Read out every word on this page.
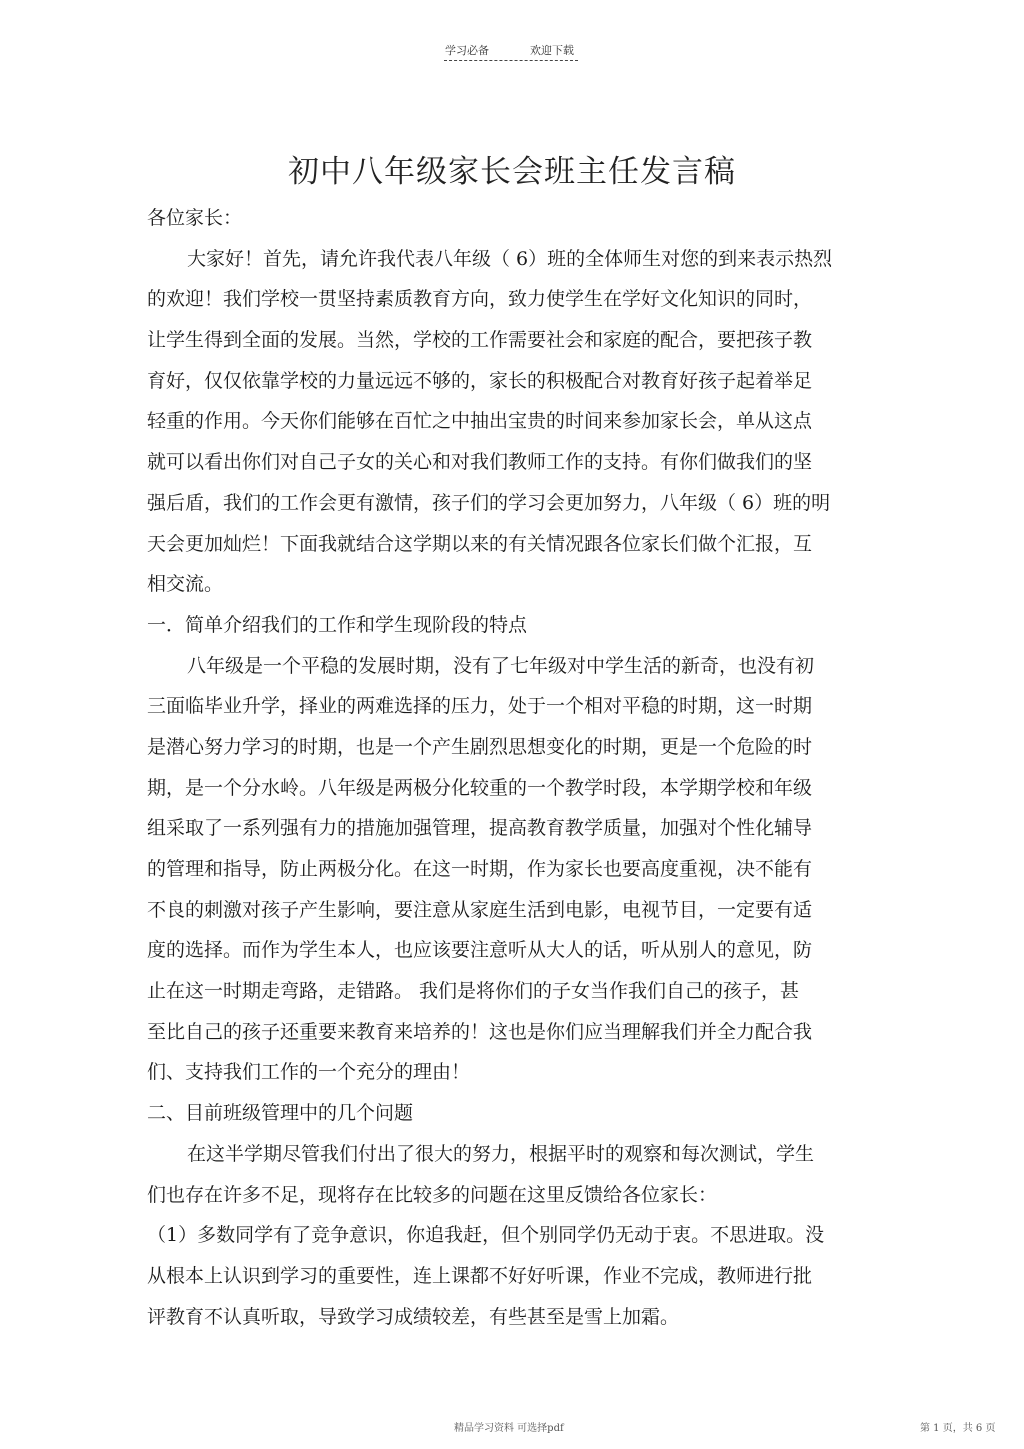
学习必备	欢迎下载
初中八年级家长会班主任发言稿
各位家长：
大家好！首先，请允许我代表八年级（ 6）班的全体师生对您的到来表示热烈
的欢迎！我们学校一贯坚持素质教育方向，致力使学生在学好文化知识的同时，
让学生得到全面的发展。当然，学校的工作需要社会和家庭的配合，要把孩子教
育好，仅仅依靠学校的力量远远不够的，家长的积极配合对教育好孩子起着举足
轻重的作用。今天你们能够在百忙之中抽出宝贵的时间来参加家长会，单从这点
就可以看出你们对自己子女的关心和对我们教师工作的支持。有你们做我们的坚
强后盾，我们的工作会更有激情，孩子们的学习会更加努力，八年级（ 6）班的明
天会更加灿烂！下面我就结合这学期以来的有关情况跟各位家长们做个汇报，互
相交流。
一．简单介绍我们的工作和学生现阶段的特点
八年级是一个平稳的发展时期，没有了七年级对中学生活的新奇，也没有初
三面临毕业升学，择业的两难选择的压力，处于一个相对平稳的时期，这一时期
是潜心努力学习的时期，也是一个产生剧烈思想变化的时期，更是一个危险的时
期，是一个分水岭。八年级是两极分化较重的一个教学时段，本学期学校和年级
组采取了一系列强有力的措施加强管理，提高教育教学质量，加强对个性化辅导
的管理和指导，防止两极分化。在这一时期，作为家长也要高度重视，决不能有
不良的刺激对孩子产生影响，要注意从家庭生活到电影，电视节目，一定要有适
度的选择。而作为学生本人，也应该要注意听从大人的话，听从别人的意见，防
止在这一时期走弯路，走错路。 我们是将你们的子女当作我们自己的孩子，甚
至比自己的孩子还重要来教育来培养的！这也是你们应当理解我们并全力配合我
们、支持我们工作的一个充分的理由！
二、目前班级管理中的几个问题
在这半学期尽管我们付出了很大的努力，根据平时的观察和每次测试，学生
们也存在许多不足，现将存在比较多的问题在这里反馈给各位家长：
（1）多数同学有了竞争意识，你追我赶，但个别同学仍无动于衷。不思进取。没
从根本上认识到学习的重要性，连上课都不好好听课，作业不完成，教师进行批
评教育不认真听取，导致学习成绩较差，有些甚至是雪上加霜。
精品学习资料 可选择pdf	第 1 页，共 6 页
